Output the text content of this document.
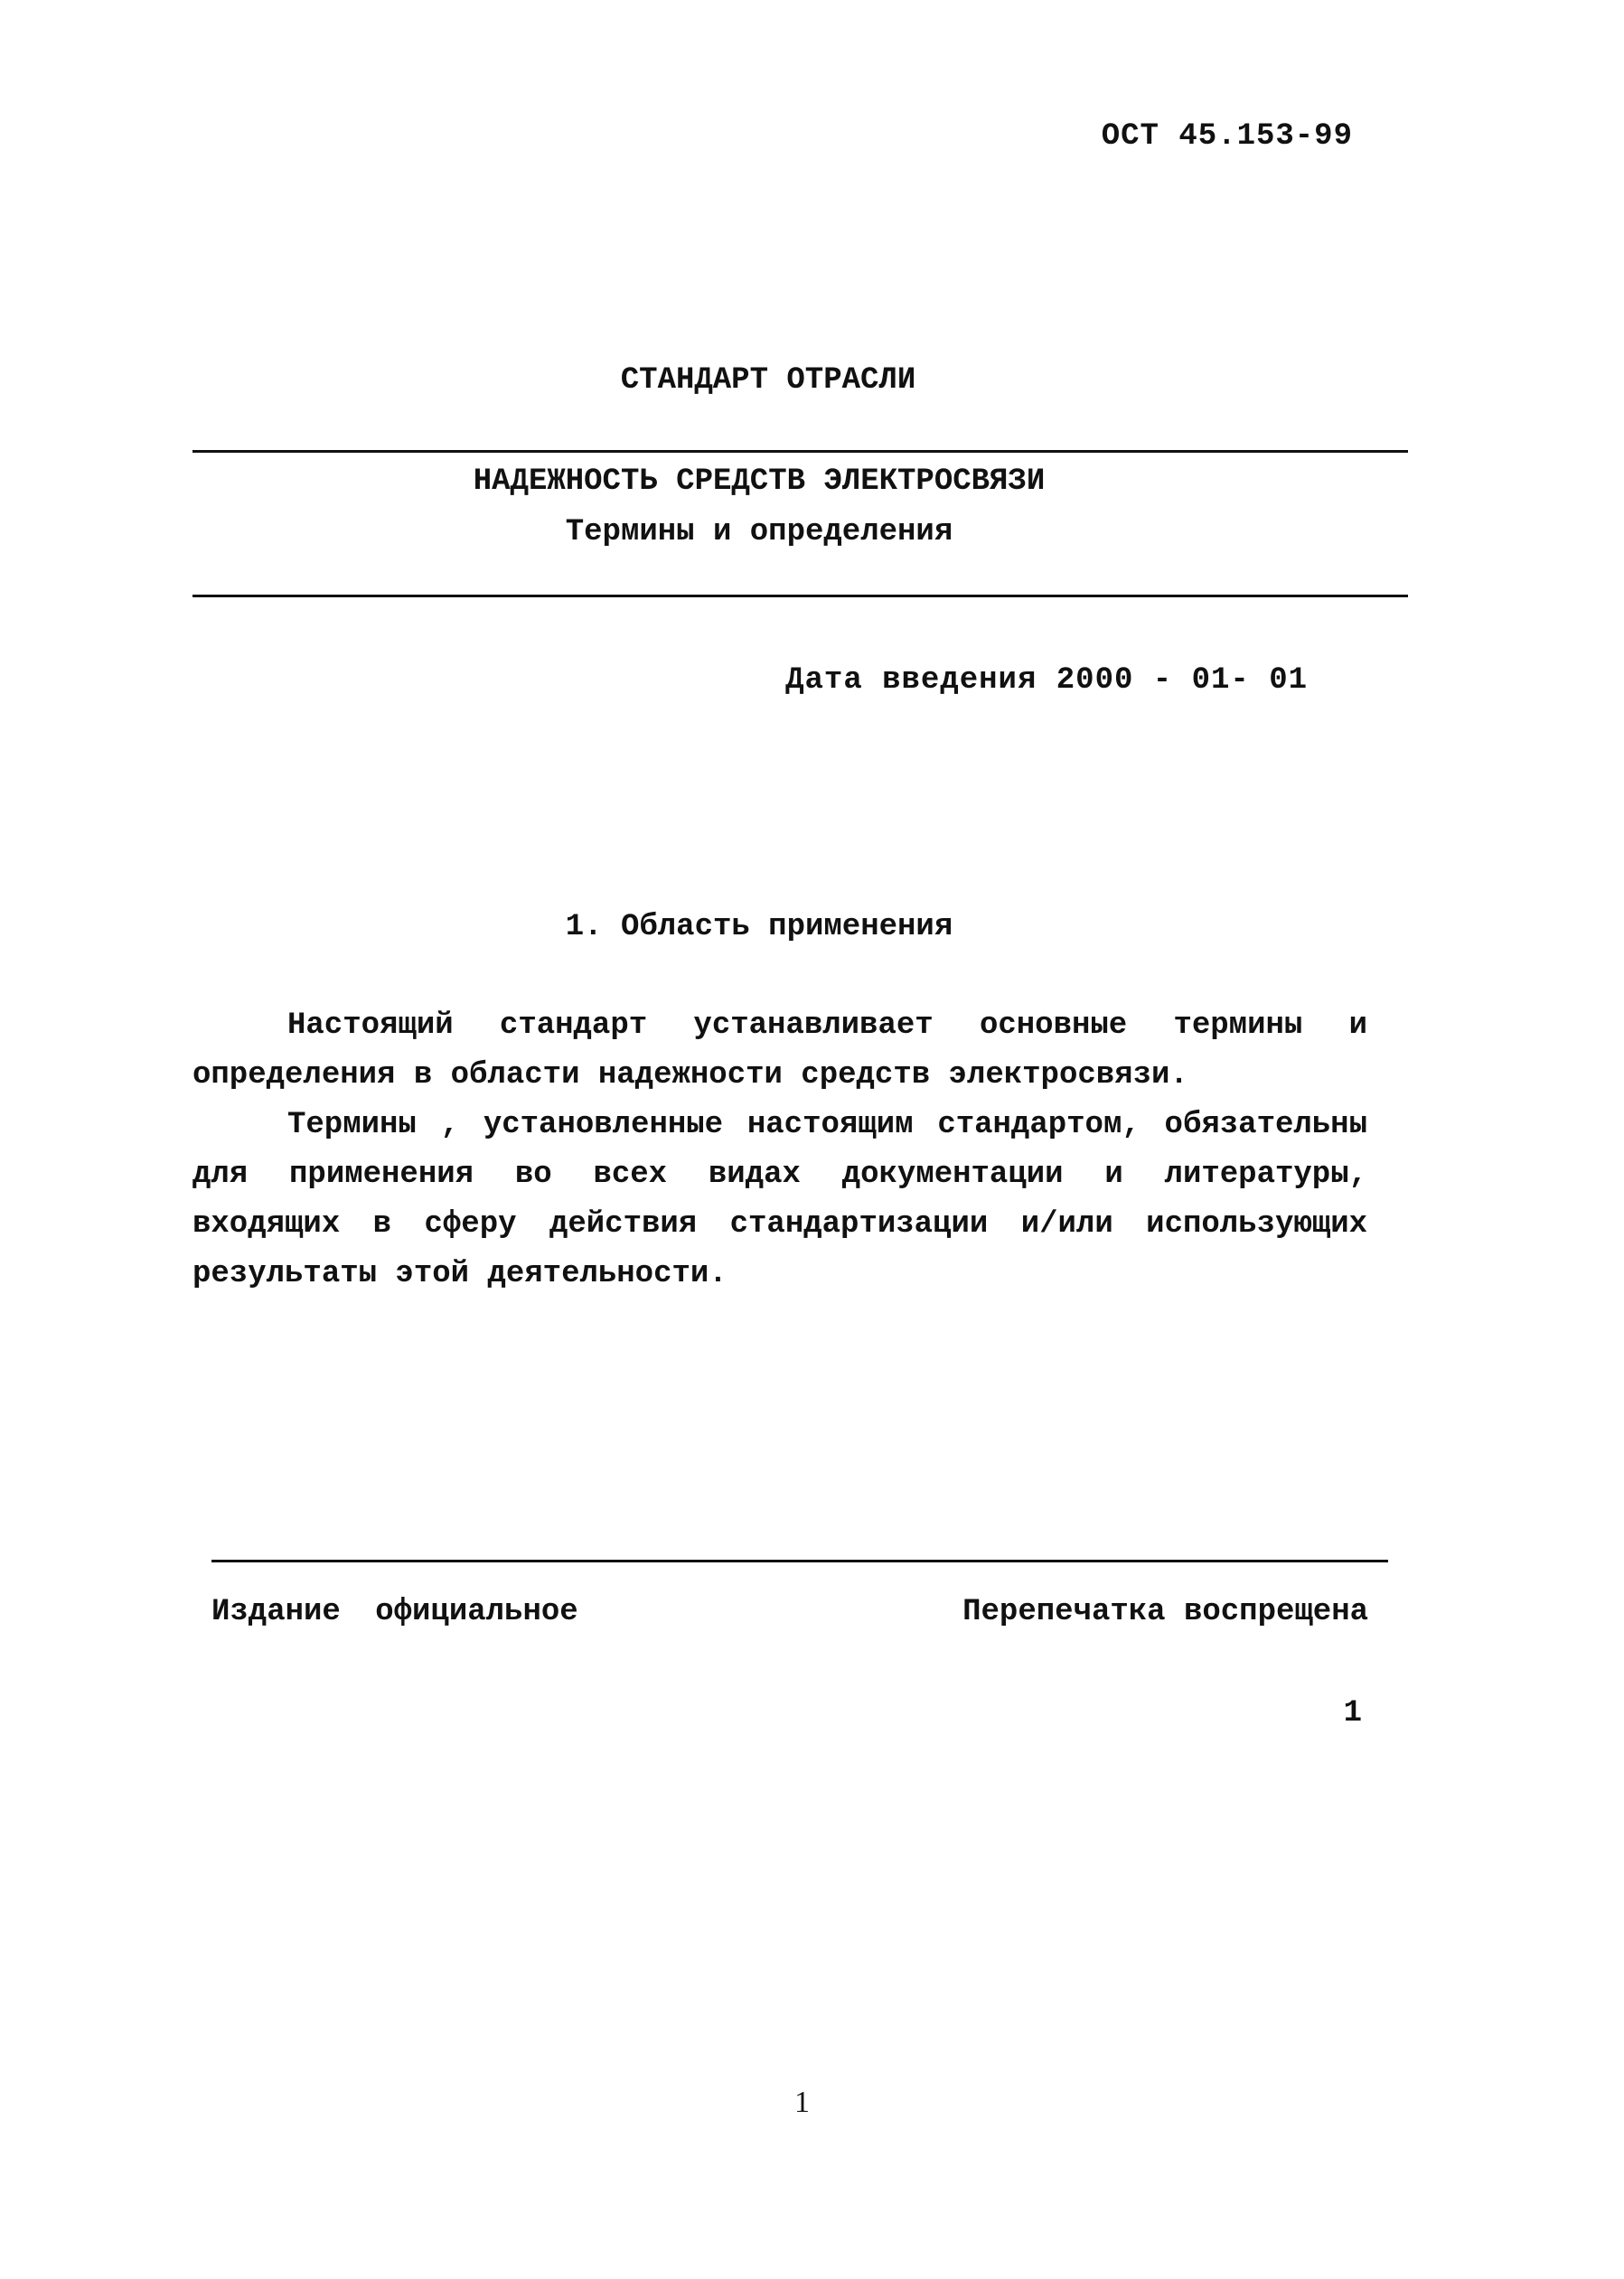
ОСТ 45.153-99
СТАНДАРТ ОТРАСЛИ
НАДЕЖНОСТЬ СРЕДСТВ ЭЛЕКТРОСВЯЗИ
Термины и определения
Дата введения 2000 - 01- 01
1. Область применения
Настоящий стандарт устанавливает основные термины и определения в области надежности средств электросвязи.
Термины , установленные настоящим стандартом, обязательны для применения во всех видах документации и литературы, входящих в сферу действия стандартизации и/или использующих результаты этой деятельности.
Издание официальное	Перепечатка воспрещена
1
1
